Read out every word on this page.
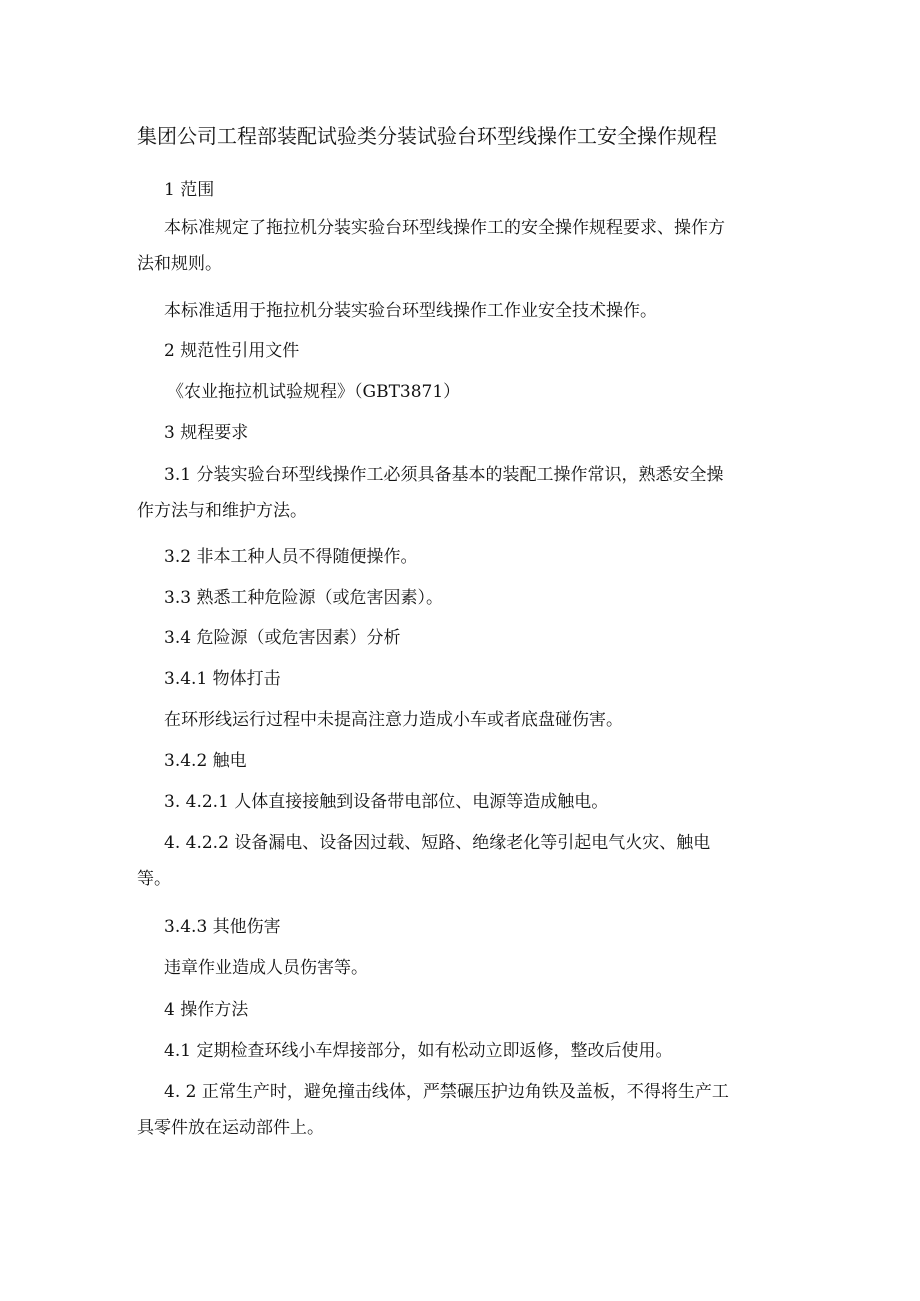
集团公司工程部装配试验类分装试验台环型线操作工安全操作规程
1 范围
本标准规定了拖拉机分装实验台环型线操作工的安全操作规程要求、操作方
法和规则。
本标准适用于拖拉机分装实验台环型线操作工作业安全技术操作。
2 规范性引用文件
《农业拖拉机试验规程》（GBT3871）
3 规程要求
3.1 分装实验台环型线操作工必须具备基本的装配工操作常识，熟悉安全操
作方法与和维护方法。
3.2 非本工种人员不得随便操作。
3.3 熟悉工种危险源（或危害因素）。
3.4 危险源（或危害因素）分析
3.4.1 物体打击
在环形线运行过程中未提高注意力造成小车或者底盘碰伤害。
3.4.2 触电
3. 4.2.1 人体直接接触到设备带电部位、电源等造成触电。
4. 4.2.2 设备漏电、设备因过载、短路、绝缘老化等引起电气火灾、触电
等。
3.4.3 其他伤害
违章作业造成人员伤害等。
4 操作方法
4.1 定期检查环线小车焊接部分，如有松动立即返修，整改后使用。
4. 2 正常生产时，避免撞击线体，严禁碾压护边角铁及盖板，不得将生产工
具零件放在运动部件上。
